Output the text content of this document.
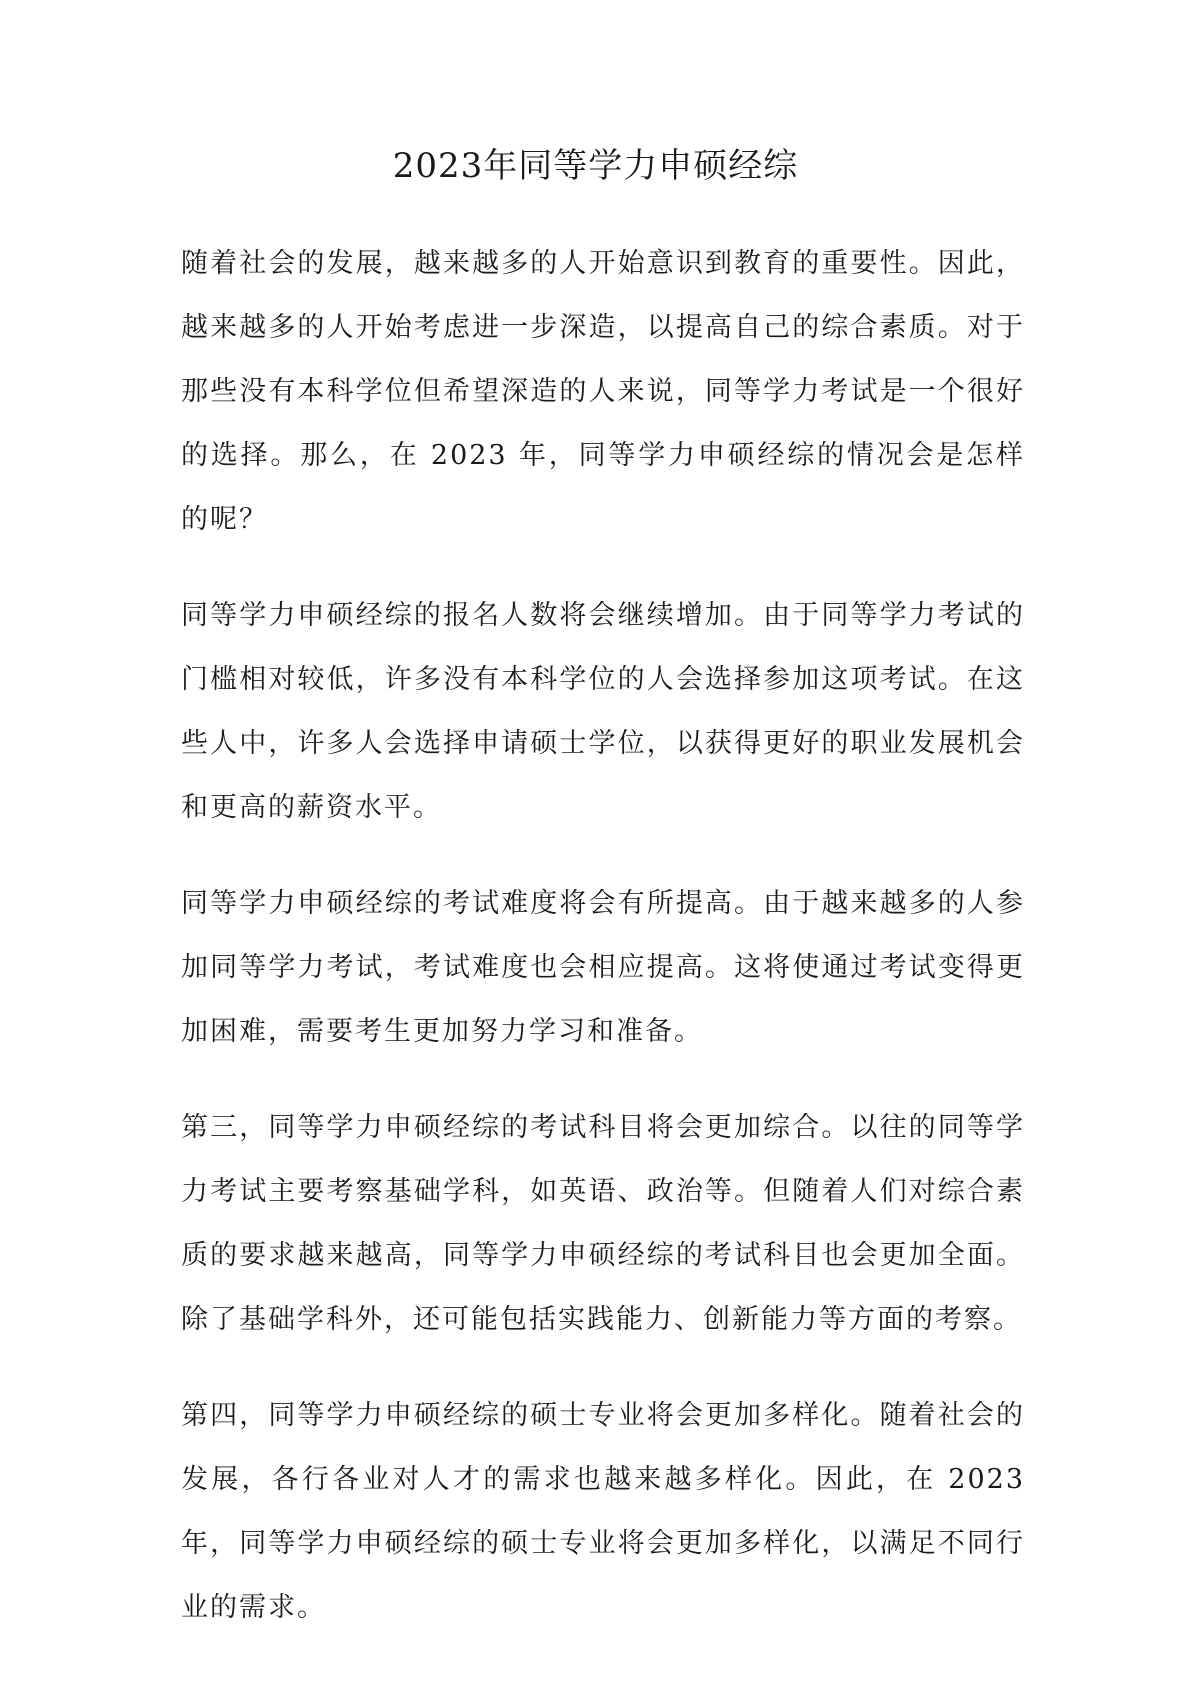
2023年同等学力申硕经综

随着社会的发展，越来越多的人开始意识到教育的重要性。因此，越来越多的人开始考虑进一步深造，以提高自己的综合素质。对于那些没有本科学位但希望深造的人来说，同等学力考试是一个很好的选择。那么，在 2023 年，同等学力申硕经综的情况会是怎样的呢？

同等学力申硕经综的报名人数将会继续增加。由于同等学力考试的门槛相对较低，许多没有本科学位的人会选择参加这项考试。在这些人中，许多人会选择申请硕士学位，以获得更好的职业发展机会和更高的薪资水平。

同等学力申硕经综的考试难度将会有所提高。由于越来越多的人参加同等学力考试，考试难度也会相应提高。这将使通过考试变得更加困难，需要考生更加努力学习和准备。

第三，同等学力申硕经综的考试科目将会更加综合。以往的同等学力考试主要考察基础学科，如英语、政治等。但随着人们对综合素质的要求越来越高，同等学力申硕经综的考试科目也会更加全面。除了基础学科外，还可能包括实践能力、创新能力等方面的考察。

第四，同等学力申硕经综的硕士专业将会更加多样化。随着社会的发展，各行各业对人才的需求也越来越多样化。因此，在 2023 年，同等学力申硕经综的硕士专业将会更加多样化，以满足不同行业的需求。
